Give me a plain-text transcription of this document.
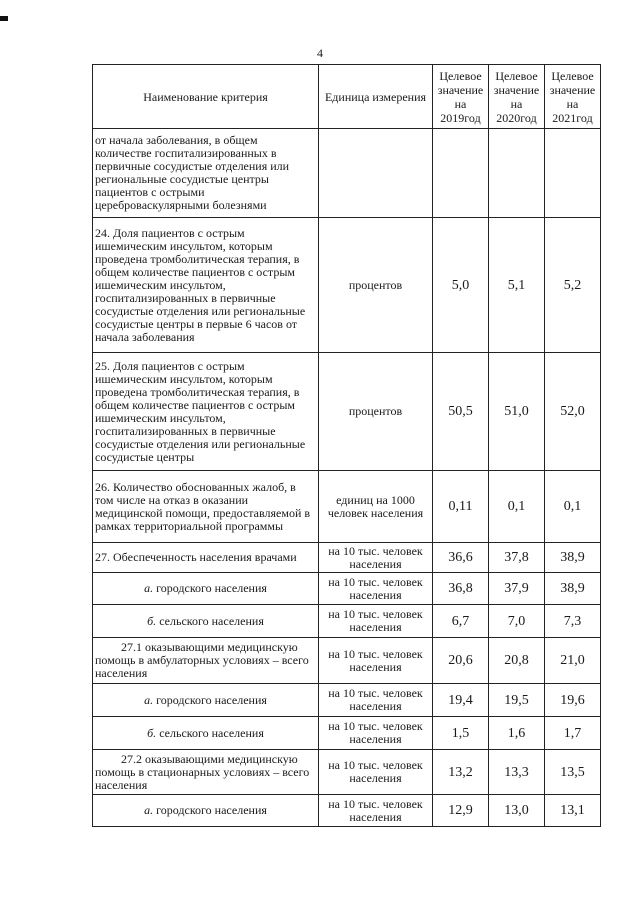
4
Наименование критерия	Единица измерения	Целевое значение на 2019год	Целевое значение на 2020год	Целевое значение на 2021год
от начала заболевания, в общем количестве госпитализированных в первичные сосудистые отделения или региональные сосудистые центры пациентов с острыми цереброваскулярными болезнями				
24. Доля пациентов с острым ишемическим инсультом, которым проведена тромболитическая терапия, в общем количестве пациентов с острым ишемическим инсультом, госпитализированных в первичные сосудистые отделения или региональные сосудистые центры в первые 6 часов от начала заболевания	процентов	5,0	5,1	5,2
25. Доля пациентов с острым ишемическим инсультом, которым проведена тромболитическая терапия, в общем количестве пациентов с острым ишемическим инсультом, госпитализированных в первичные сосудистые отделения или региональные сосудистые центры	процентов	50,5	51,0	52,0
26. Количество обоснованных жалоб, в том числе на отказ в оказании медицинской помощи, предоставляемой в рамках территориальной программы	единиц на 1000 человек населения	0,11	0,1	0,1
27. Обеспеченность населения врачами	на 10 тыс. человек населения	36,6	37,8	38,9
а. городского населения	на 10 тыс. человек населения	36,8	37,9	38,9
б. сельского населения	на 10 тыс. человек населения	6,7	7,0	7,3
27.1 оказывающими медицинскую помощь в амбулаторных условиях – всего населения	на 10 тыс. человек населения	20,6	20,8	21,0
а. городского населения	на 10 тыс. человек населения	19,4	19,5	19,6
б. сельского населения	на 10 тыс. человек населения	1,5	1,6	1,7
27.2 оказывающими медицинскую помощь в стационарных условиях – всего населения	на 10 тыс. человек населения	13,2	13,3	13,5
а. городского населения	на 10 тыс. человек населения	12,9	13,0	13,1
